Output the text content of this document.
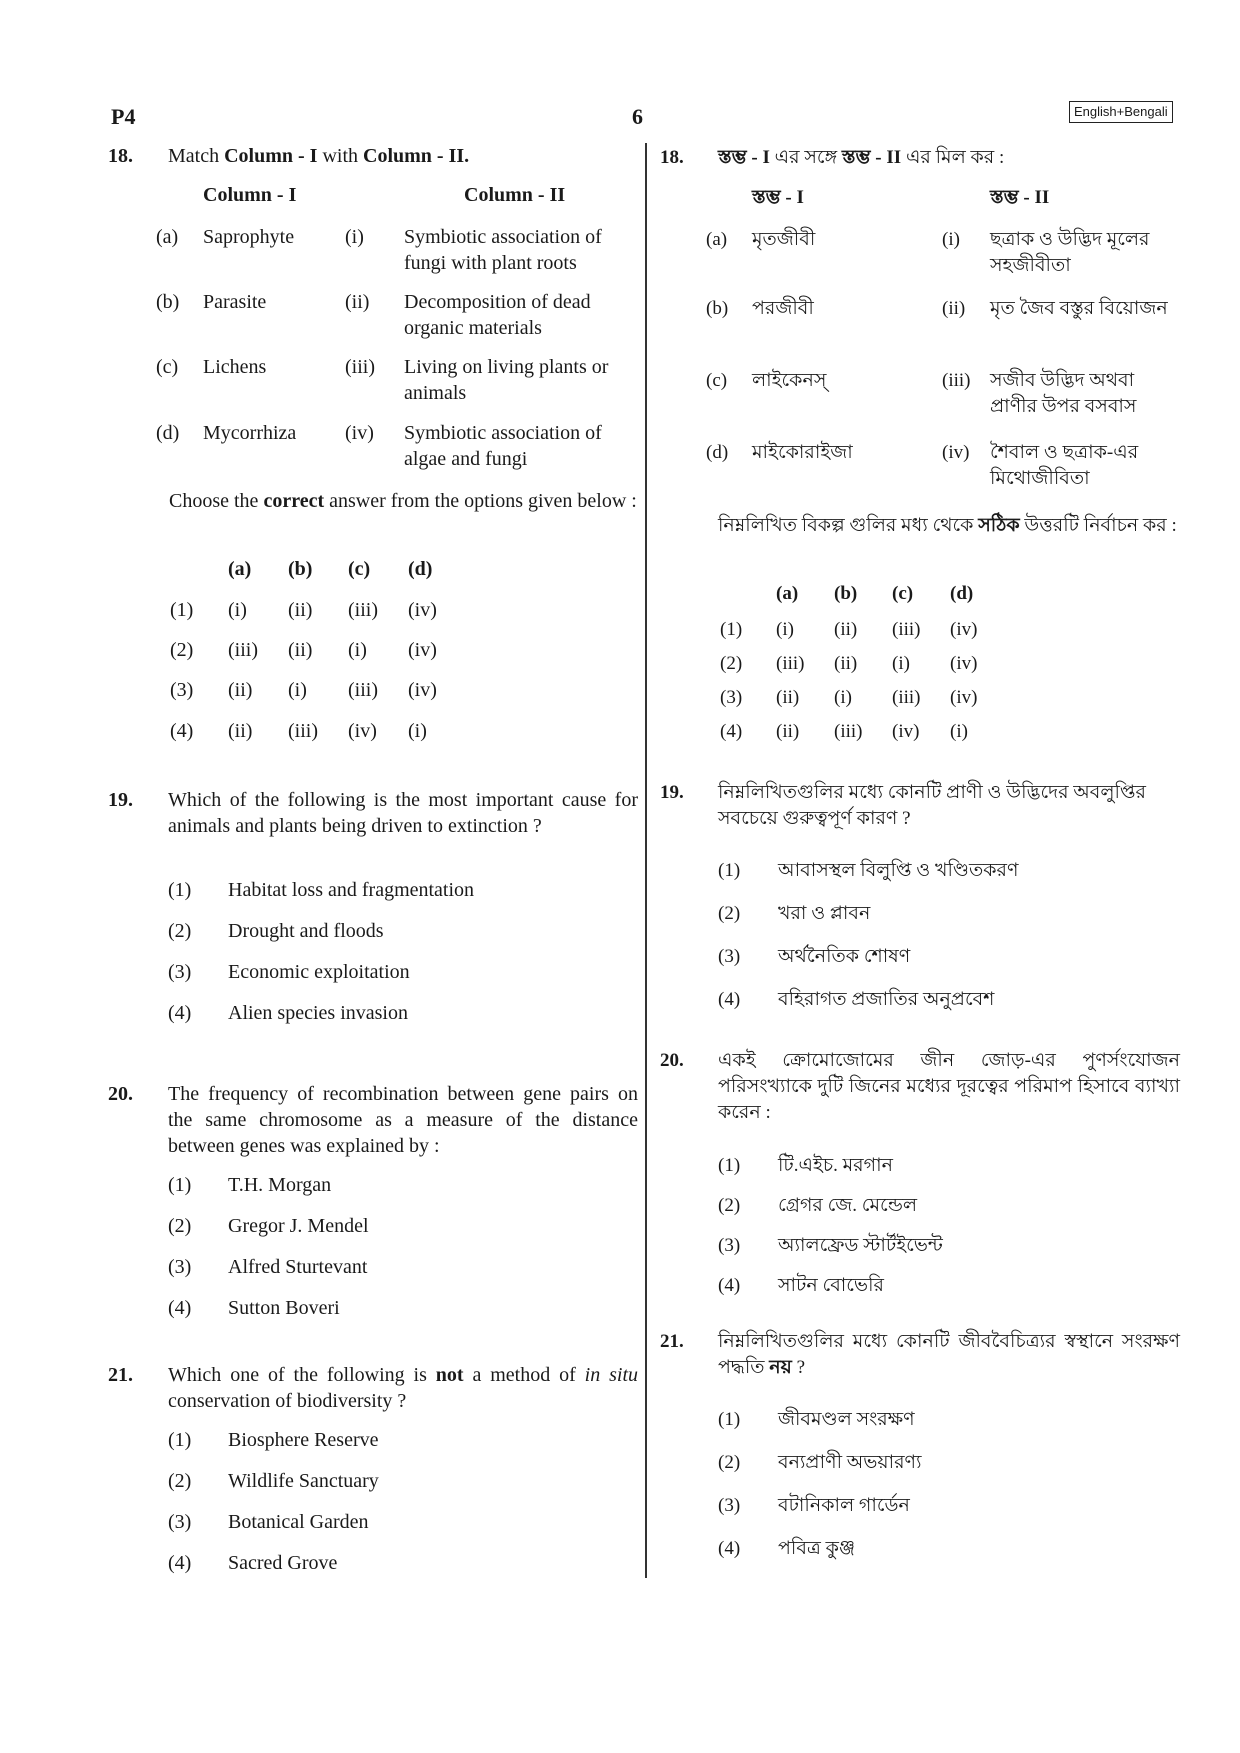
P4	6	English+Bengali
18. Match Column - I with Column - II.
Column - I	Column - II
(a) Saprophyte	(i) Symbiotic association of fungi with plant roots
(b) Parasite	(ii) Decomposition of dead organic materials
(c) Lichens	(iii) Living on living plants or animals
(d) Mycorrhiza (iv) Symbiotic association of algae and fungi
Choose the correct answer from the options given below :
(a) (b) (c) (d)
(1) (i) (ii) (iii) (iv)
(2) (iii) (ii) (i) (iv)
(3) (ii) (i) (iii) (iv)
(4) (ii) (iii) (iv) (i)
19. Which of the following is the most important cause for animals and plants being driven to extinction ?
(1) Habitat loss and fragmentation
(2) Drought and floods
(3) Economic exploitation
(4) Alien species invasion
20. The frequency of recombination between gene pairs on the same chromosome as a measure of the distance between genes was explained by :
(1) T.H. Morgan
(2) Gregor J. Mendel
(3) Alfred Sturtevant
(4) Sutton Boveri
21. Which one of the following is not a method of in situ conservation of biodiversity ?
(1) Biosphere Reserve
(2) Wildlife Sanctuary
(3) Botanical Garden
(4) Sacred Grove
18. স্তম্ভ - I এর সঙ্গে স্তম্ভ - II এর মিল কর :
স্তম্ভ - I	স্তম্ভ - II
(a) মৃতজীবী	(i) ছত্রাক ও উদ্ভিদ মূলের সহজীবীতা
(b) পরজীবী	(ii) মৃত জৈব বস্তুর বিয়োজন
(c) লাইকেনস্	(iii) সজীব উদ্ভিদ অথবা প্রাণীর উপর বসবাস
(d) মাইকোরাইজা	(iv) শৈবাল ও ছত্রাক-এর মিথোজীবিতা
নিম্নলিখিত বিকল্প গুলির মধ্য থেকে সঠিক উত্তরটি নির্বাচন কর :
(a) (b) (c) (d)
(1) (i) (ii) (iii) (iv)
(2) (iii) (ii) (i) (iv)
(3) (ii) (i) (iii) (iv)
(4) (ii) (iii) (iv) (i)
19. নিম্নলিখিতগুলির মধ্যে কোনটি প্রাণী ও উদ্ভিদের অবলুপ্তির সবচেয়ে গুরুত্বপূর্ণ কারণ ?
(1) আবাসস্থল বিলুপ্তি ও খণ্ডিতকরণ
(2) খরা ও প্লাবন
(3) অর্থনৈতিক শোষণ
(4) বহিরাগত প্রজাতির অনুপ্রবেশ
20. একই ক্রোমোজোমের জীন জোড়-এর পুণর্সংযোজন পরিসংখ্যাকে দুটি জিনের মধ্যের দূরত্বের পরিমাপ হিসাবে ব্যাখ্যা করেন :
(1) টি.এইচ. মরগান
(2) গ্রেগর জে. মেন্ডেল
(3) অ্যালফ্রেড স্টার্টইভেন্ট
(4) সাটন বোভেরি
21. নিম্নলিখিতগুলির মধ্যে কোনটি জীববৈচিত্র্যর স্বস্থানে সংরক্ষণ পদ্ধতি নয় ?
(1) জীবমণ্ডল সংরক্ষণ
(2) বন্যপ্রাণী অভয়ারণ্য
(3) বটানিকাল গার্ডেন
(4) পবিত্র কুঞ্জ
